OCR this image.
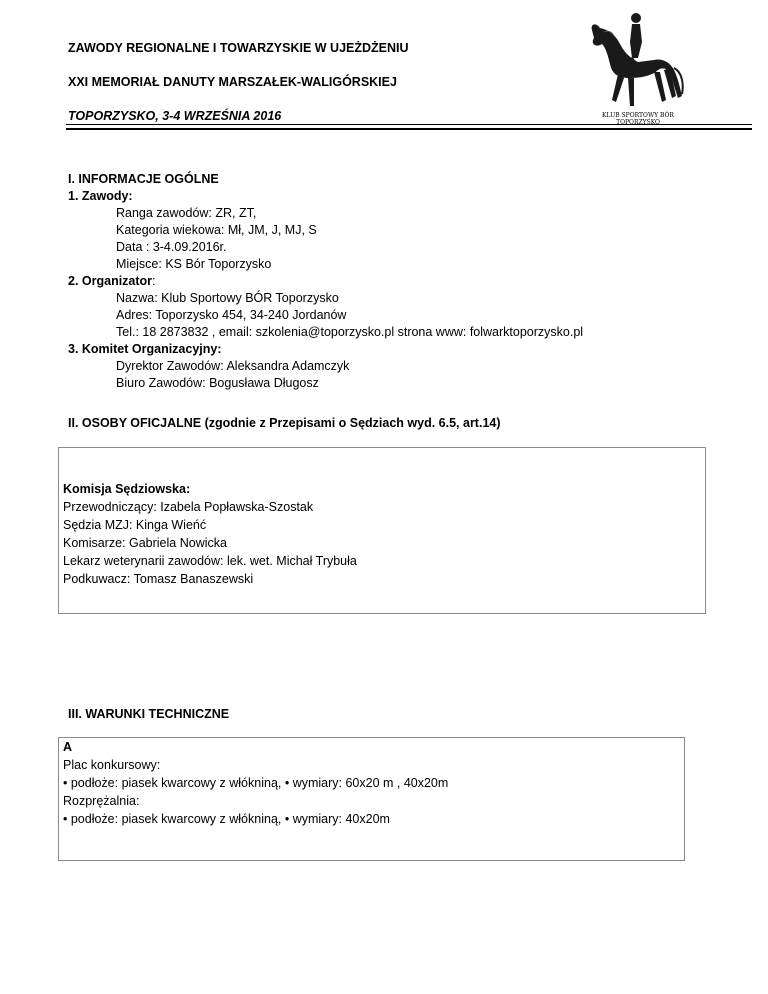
ZAWODY REGIONALNE I TOWARZYSKIE W UJEŻDŻENIU
XXI MEMORIAŁ DANUTY MARSZAŁEK-WALIGÓRSKIEJ
TOPORZYSKO, 3-4 WRZEŚNIA 2016	KLUB SPORTOWY BÓR
TOPORZYSKO
I. INFORMACJE OGÓLNE
1. Zawody:
Ranga zawodów: ZR, ZT,
Kategoria wiekowa: Mł, JM, J, MJ, S
Data : 3-4.09.2016r.
Miejsce: KS Bór Toporzysko
2. Organizator:
Nazwa: Klub Sportowy BÓR Toporzysko
Adres: Toporzysko 454, 34-240 Jordanów
Tel.: 18 2873832 , email: szkolenia@toporzysko.pl strona www: folwarktoporzysko.pl
3. Komitet Organizacyjny:
Dyrektor Zawodów: Aleksandra Adamczyk
Biuro Zawodów: Bogusława Długosz
II. OSOBY OFICJALNE (zgodnie z Przepisami o Sędziach wyd. 6.5, art.14)
Komisja Sędziowska:
Przewodniczący: Izabela Popławska-Szostak
Sędzia MZJ: Kinga Wieńć
Komisarze: Gabriela Nowicka
Lekarz weterynarii zawodów: lek. wet. Michał Trybuła
Podkuwacz: Tomasz Banaszewski
III. WARUNKI TECHNICZNE
A
Plac konkursowy:
• podłoże: piasek kwarcowy z włókniną, • wymiary: 60x20 m , 40x20m
Rozprężalnia:
• podłoże: piasek kwarcowy z włókniną, • wymiary: 40x20m
